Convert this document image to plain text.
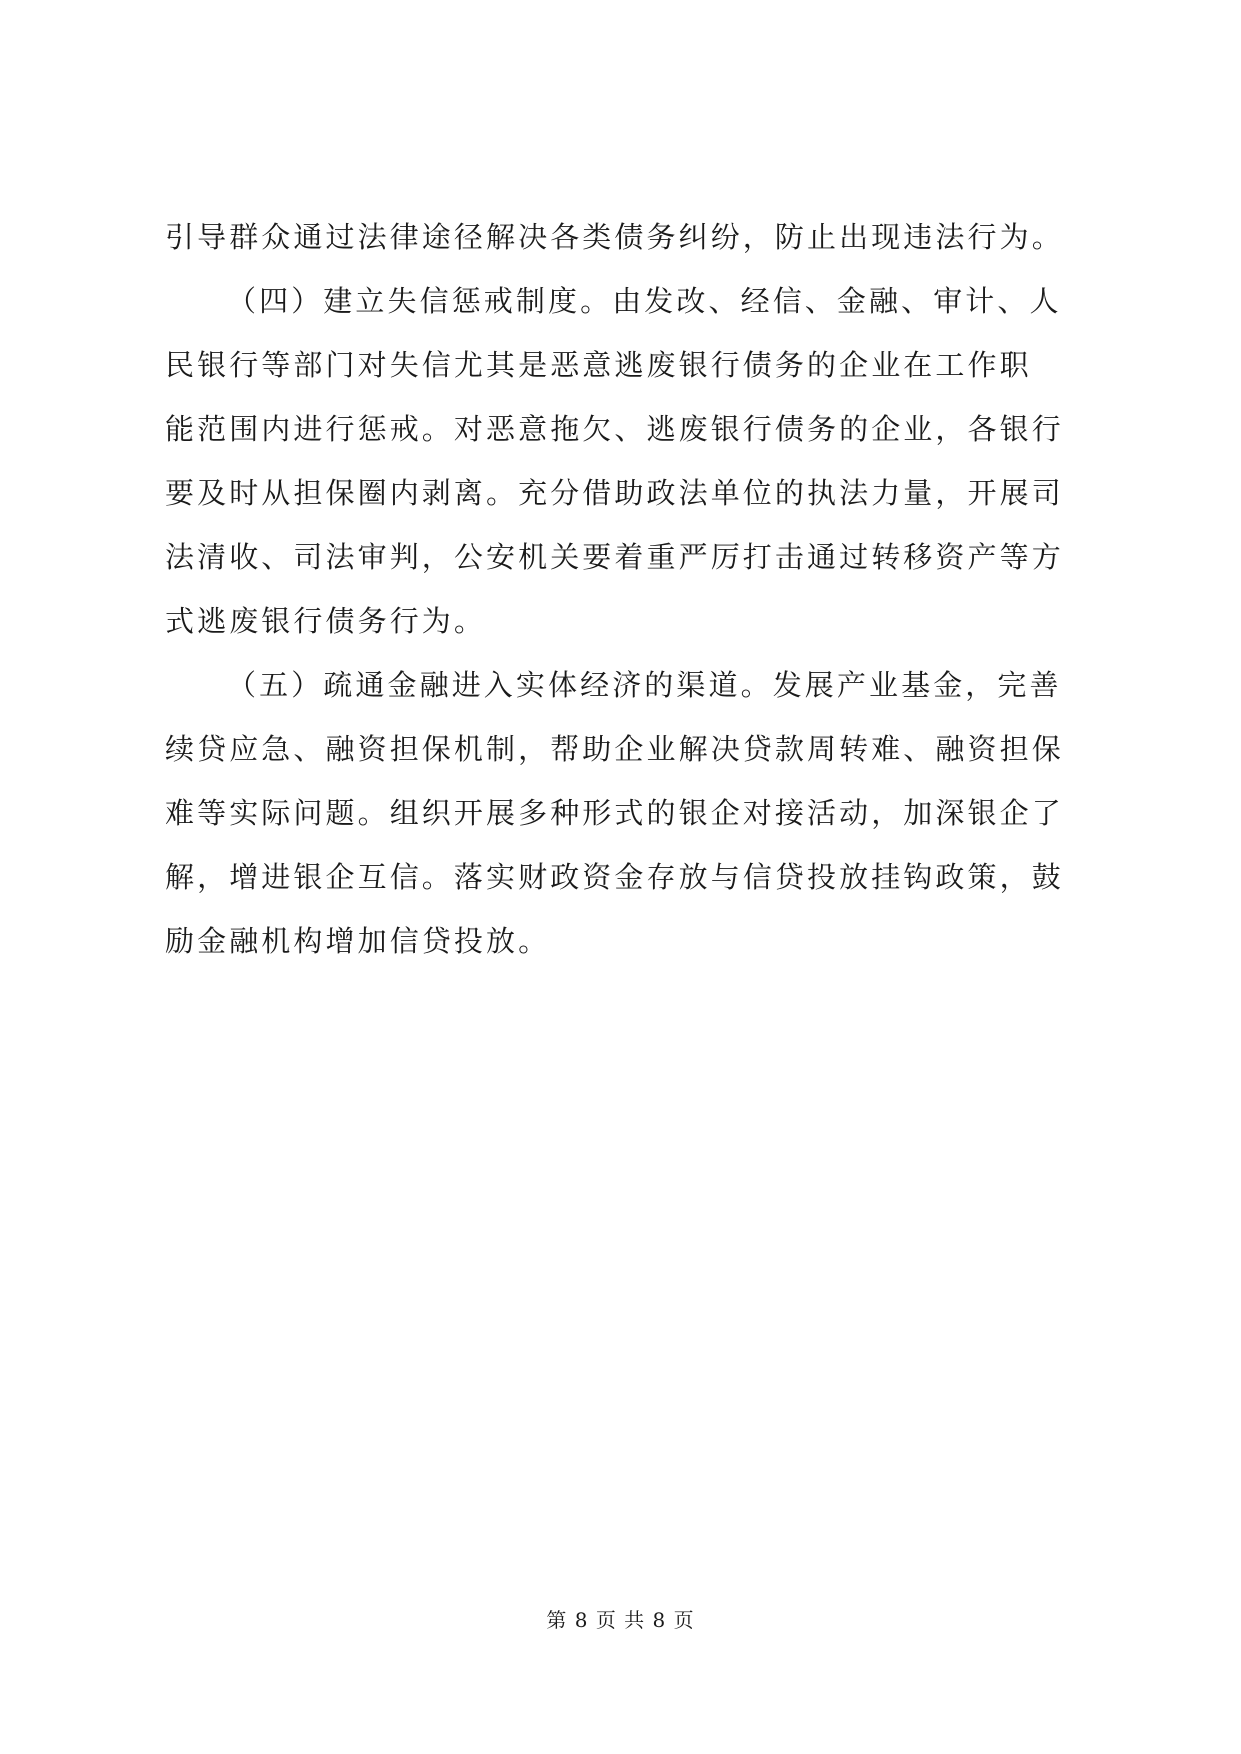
引导群众通过法律途径解决各类债务纠纷，防止出现违法行为。
（四）建立失信惩戒制度。由发改、经信、金融、审计、人
民银行等部门对失信尤其是恶意逃废银行债务的企业在工作职
能范围内进行惩戒。对恶意拖欠、逃废银行债务的企业，各银行
要及时从担保圈内剥离。充分借助政法单位的执法力量，开展司
法清收、司法审判，公安机关要着重严厉打击通过转移资产等方
式逃废银行债务行为。
（五）疏通金融进入实体经济的渠道。发展产业基金，完善
续贷应急、融资担保机制，帮助企业解决贷款周转难、融资担保
难等实际问题。组织开展多种形式的银企对接活动，加深银企了
解，增进银企互信。落实财政资金存放与信贷投放挂钩政策，鼓
励金融机构增加信贷投放。
第 8 页 共 8 页
